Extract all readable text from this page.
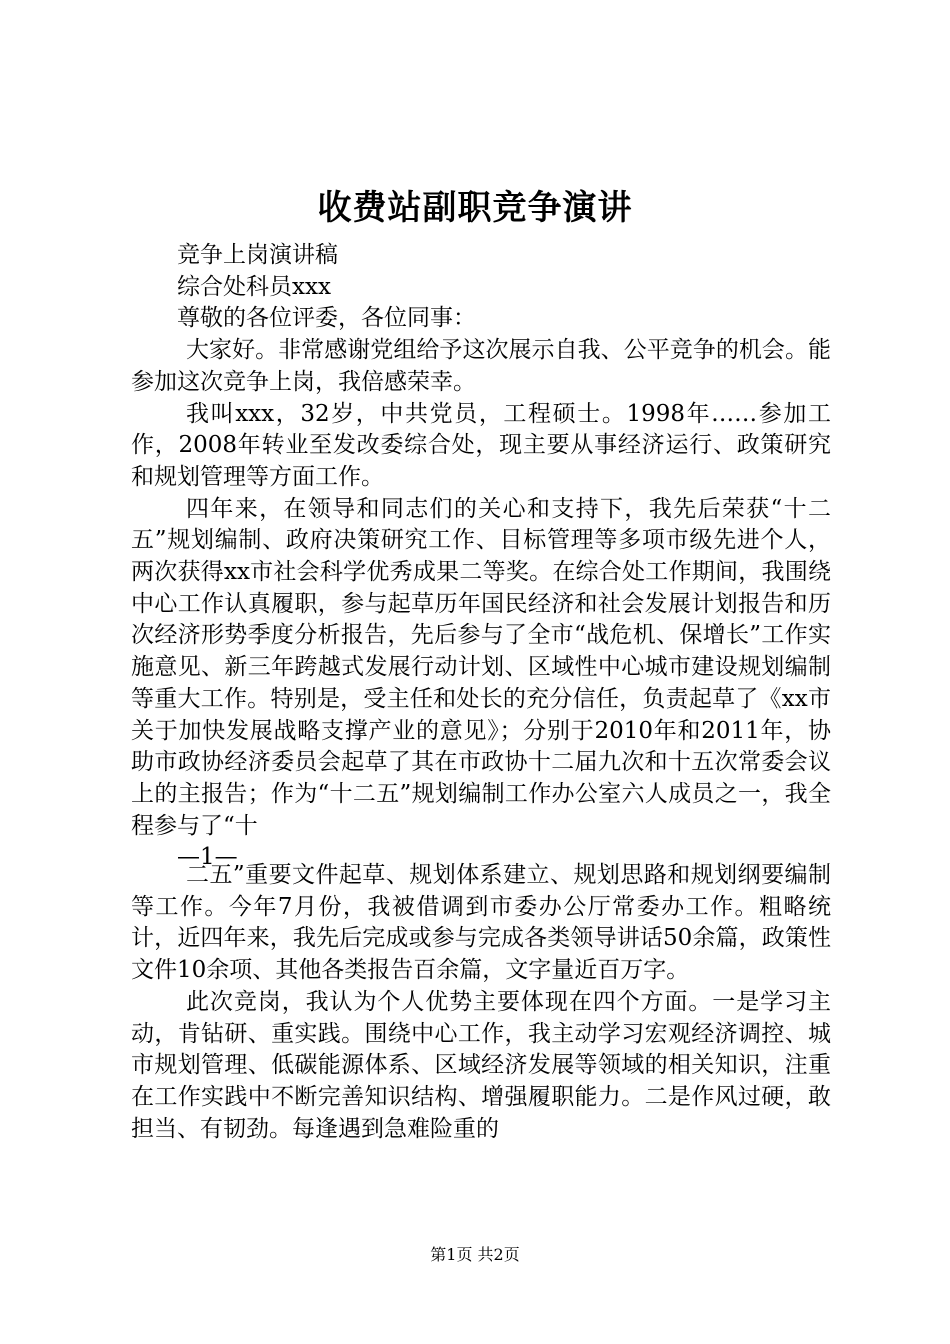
收费站副职竞争演讲

竞争上岗演讲稿

综合处科员xxx

尊敬的各位评委，各位同事：

大家好。非常感谢党组给予这次展示自我、公平竞争的机会。能参加这次竞争上岗，我倍感荣幸。

我叫xxx，32岁，中共党员，工程硕士。1998年……参加工作，2008年转业至发改委综合处，现主要从事经济运行、政策研究和规划管理等方面工作。

四年来，在领导和同志们的关心和支持下，我先后荣获“十二五”规划编制、政府决策研究工作、目标管理等多项市级先进个人，两次获得xx市社会科学优秀成果二等奖。在综合处工作期间，我围绕中心工作认真履职，参与起草历年国民经济和社会发展计划报告和历次经济形势季度分析报告，先后参与了全市“战危机、保增长”工作实施意见、新三年跨越式发展行动计划、区域性中心城市建设规划编制等重大工作。特别是，受主任和处长的充分信任，负责起草了《xx市关于加快发展战略支撑产业的意见》；分别于2010年和2011年，协助市政协经济委员会起草了其在市政协十二届九次和十五次常委会议上的主报告；作为“十二五”规划编制工作办公室六人成员之一，我全程参与了“十

—1—

二五”重要文件起草、规划体系建立、规划思路和规划纲要编制等工作。今年7月份，我被借调到市委办公厅常委办工作。粗略统计，近四年来，我先后完成或参与完成各类领导讲话50余篇，政策性文件10余项、其他各类报告百余篇，文字量近百万字。

此次竞岗，我认为个人优势主要体现在四个方面。一是学习主动，肯钻研、重实践。围绕中心工作，我主动学习宏观经济调控、城市规划管理、低碳能源体系、区域经济发展等领域的相关知识，注重在工作实践中不断完善知识结构、增强履职能力。二是作风过硬，敢担当、有韧劲。每逢遇到急难险重的

第1页 共2页
